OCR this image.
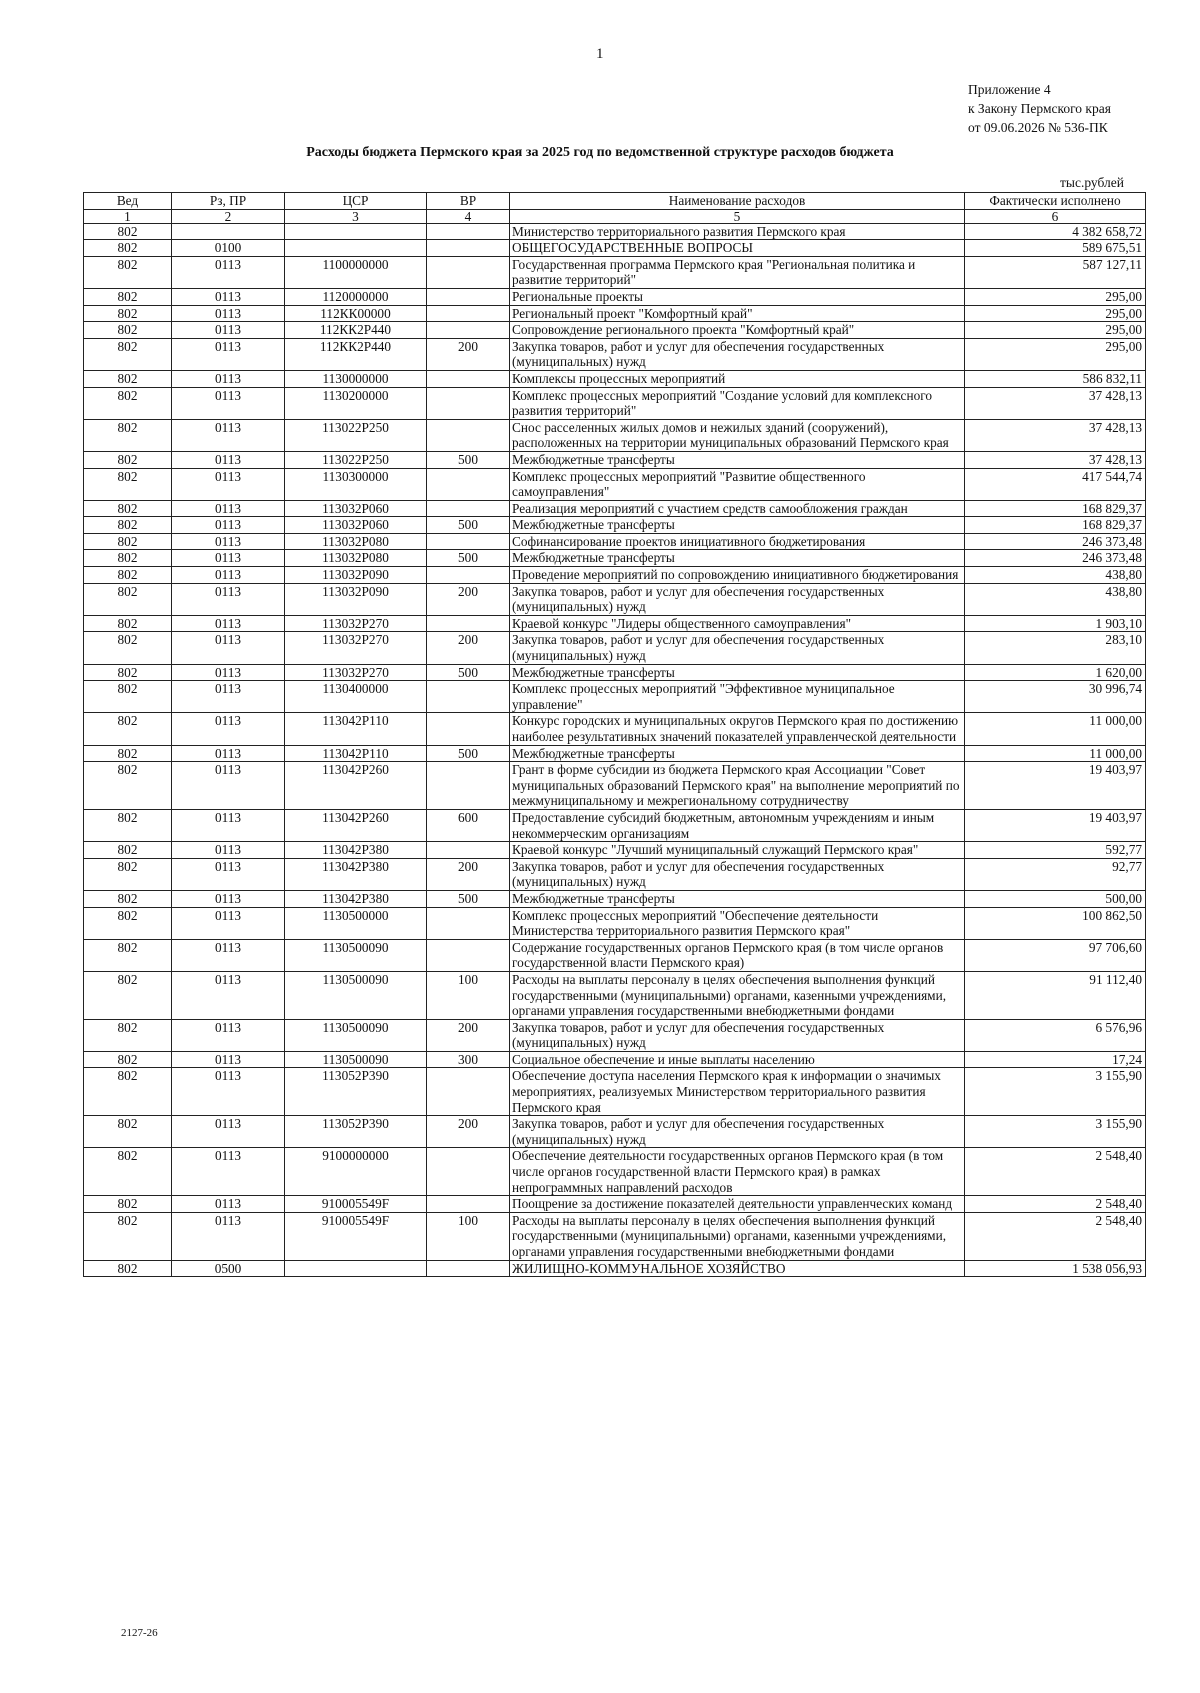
1
Приложение 4
к Закону Пермского края
от 09.06.2026 № 536-ПК
Расходы бюджета Пермского края за 2025 год по ведомственной структуре расходов бюджета
тыс.рублей
Вед	Рз, ПР	ЦСР	ВР	Наименование расходов	Фактически исполнено
1	2	3	4	5	6
802				Министерство территориального развития Пермского края	4 382 658,72
802	0100			ОБЩЕГОСУДАРСТВЕННЫЕ ВОПРОСЫ	589 675,51
802	0113	1100000000		Государственная программа Пермского края "Региональная политика и развитие территорий"	587 127,11
802	0113	1120000000		Региональные проекты	295,00
802	0113	112КК00000		Региональный проект "Комфортный край"	295,00
802	0113	112КК2Р440		Сопровождение регионального проекта "Комфортный край"	295,00
802	0113	112КК2Р440	200	Закупка товаров, работ и услуг для обеспечения государственных (муниципальных) нужд	295,00
802	0113	1130000000		Комплексы процессных мероприятий	586 832,11
802	0113	1130200000		Комплекс процессных мероприятий "Создание условий для комплексного развития территорий"	37 428,13
802	0113	113022Р250		Снос расселенных жилых домов и нежилых зданий (сооружений), расположенных на территории муниципальных образований Пермского края	37 428,13
802	0113	113022Р250	500	Межбюджетные трансферты	37 428,13
802	0113	1130300000		Комплекс процессных мероприятий "Развитие общественного самоуправления"	417 544,74
802	0113	113032Р060		Реализация мероприятий с участием средств самообложения граждан	168 829,37
802	0113	113032Р060	500	Межбюджетные трансферты	168 829,37
802	0113	113032Р080		Софинансирование проектов инициативного бюджетирования	246 373,48
802	0113	113032Р080	500	Межбюджетные трансферты	246 373,48
802	0113	113032Р090		Проведение мероприятий по сопровождению инициативного бюджетирования	438,80
802	0113	113032Р090	200	Закупка товаров, работ и услуг для обеспечения государственных (муниципальных) нужд	438,80
802	0113	113032Р270		Краевой конкурс "Лидеры общественного самоуправления"	1 903,10
802	0113	113032Р270	200	Закупка товаров, работ и услуг для обеспечения государственных (муниципальных) нужд	283,10
802	0113	113032Р270	500	Межбюджетные трансферты	1 620,00
802	0113	1130400000		Комплекс процессных мероприятий "Эффективное муниципальное управление"	30 996,74
802	0113	113042Р110		Конкурс городских и муниципальных округов Пермского края по достижению наиболее результативных значений показателей управленческой деятельности	11 000,00
802	0113	113042Р110	500	Межбюджетные трансферты	11 000,00
802	0113	113042Р260		Грант в форме субсидии из бюджета Пермского края Ассоциации "Совет муниципальных образований Пермского края" на выполнение мероприятий по межмуниципальному и межрегиональному сотрудничеству	19 403,97
802	0113	113042Р260	600	Предоставление субсидий бюджетным, автономным учреждениям и иным некоммерческим организациям	19 403,97
802	0113	113042Р380		Краевой конкурс "Лучший муниципальный служащий Пермского края"	592,77
802	0113	113042Р380	200	Закупка товаров, работ и услуг для обеспечения государственных (муниципальных) нужд	92,77
802	0113	113042Р380	500	Межбюджетные трансферты	500,00
802	0113	1130500000		Комплекс процессных мероприятий "Обеспечение деятельности Министерства территориального развития Пермского края"	100 862,50
802	0113	1130500090		Содержание государственных органов Пермского края (в том числе органов государственной власти Пермского края)	97 706,60
802	0113	1130500090	100	Расходы на выплаты персоналу в целях обеспечения выполнения функций государственными (муниципальными) органами, казенными учреждениями, органами управления государственными внебюджетными фондами	91 112,40
802	0113	1130500090	200	Закупка товаров, работ и услуг для обеспечения государственных (муниципальных) нужд	6 576,96
802	0113	1130500090	300	Социальное обеспечение и иные выплаты населению	17,24
802	0113	113052Р390		Обеспечение доступа населения Пермского края к информации о значимых мероприятиях, реализуемых Министерством территориального развития Пермского края	3 155,90
802	0113	113052Р390	200	Закупка товаров, работ и услуг для обеспечения государственных (муниципальных) нужд	3 155,90
802	0113	9100000000		Обеспечение деятельности государственных органов Пермского края (в том числе органов государственной власти Пермского края) в рамках непрограммных направлений расходов	2 548,40
802	0113	910005549F		Поощрение за достижение показателей деятельности управленческих команд	2 548,40
802	0113	910005549F	100	Расходы на выплаты персоналу в целях обеспечения выполнения функций государственными (муниципальными) органами, казенными учреждениями, органами управления государственными внебюджетными фондами	2 548,40
802	0500			ЖИЛИЩНО-КОММУНАЛЬНОЕ ХОЗЯЙСТВО	1 538 056,93
2127-26
